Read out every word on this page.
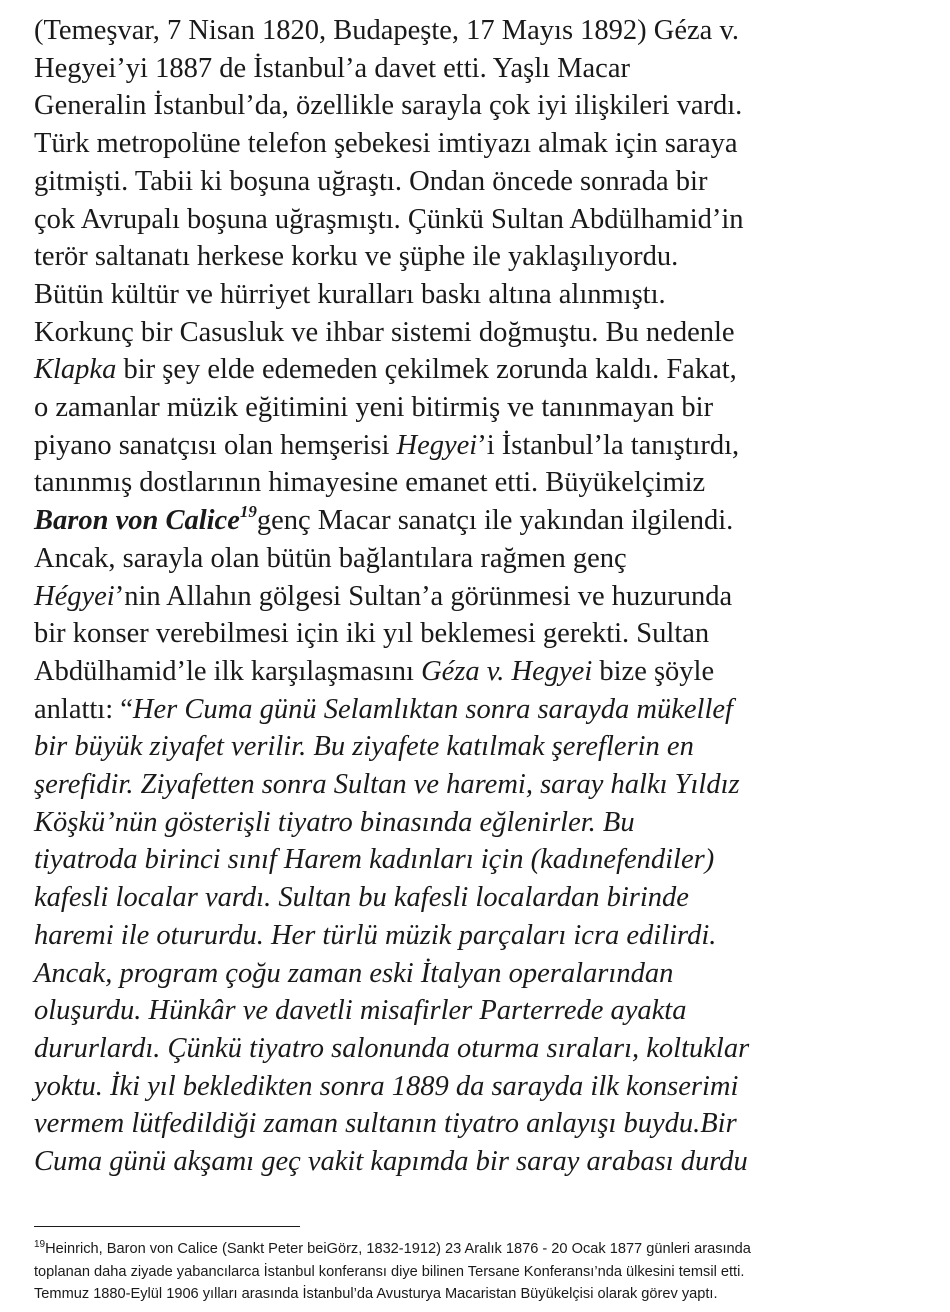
(Temeşvar, 7 Nisan 1820, Budapeşte, 17 Mayıs 1892) Géza v.
Hegyei’yi 1887 de İstanbul’a davet etti. Yaşlı Macar
Generalin İstanbul’da, özellikle sarayla çok iyi ilişkileri vardı.
Türk metropolüne telefon şebekesi imtiyazı almak için saraya
gitmişti. Tabii ki boşuna uğraştı. Ondan öncede sonrada bir
çok Avrupalı boşuna uğraşmıştı. Çünkü Sultan Abdülhamid’in
terör saltanatı herkese korku ve şüphe ile yaklaşılıyordu.
Bütün kültür ve hürriyet kuralları baskı altına alınmıştı.
Korkunç bir Casusluk ve ihbar sistemi doğmuştu. Bu nedenle
Klapka bir şey elde edemeden çekilmek zorunda kaldı. Fakat,
o zamanlar müzik eğitimini yeni bitirmiş ve tanınmayan bir
piyano sanatçısı olan hemşerisi Hegyei’i İstanbul’la tanıştırdı,
tanınmış dostlarının himayesine emanet etti. Büyükelçimiz
Baron von Calice$^{19}$genç Macar sanatçı ile yakından ilgilendi.
Ancak, sarayla olan bütün bağlantılara rağmen genç
Hégyei’nin Allahın gölgesi Sultan’a görünmesi ve huzurunda
bir konser verebilmesi için iki yıl beklemesi gerekti. Sultan
Abdülhamid’le ilk karşılaşmasını Géza v. Hegyei bize şöyle
anlattı: “Her Cuma günü Selamlıktan sonra sarayda mükellef
bir büyük ziyafet verilir. Bu ziyafete katılmak şereflerin en
şerefidir. Ziyafetten sonra Sultan ve haremi, saray halkı Yıldız
Köşkü’nün gösterişli tiyatro binasında eğlenirler. Bu
tiyatroda birinci sınıf Harem kadınları için (kadınefendiler)
kafesli localar vardı. Sultan bu kafesli localardan birinde
haremi ile otururdu. Her türlü müzik parçaları icra edilirdi.
Ancak, program çoğu zaman eski İtalyan operalarından
oluşurdu. Hünkâr ve davetli misafirler Parterrede ayakta
dururlardı. Çünkü tiyatro salonunda oturma sıraları, koltuklar
yoktu. İki yıl bekledikten sonra 1889 da sarayda ilk konserimi
vermem lütfedildiği zaman sultanın tiyatro anlayışı buydu.Bir
Cuma günü akşamı geç vakit kapımda bir saray arabası durdu
$^{19}$Heinrich, Baron von Calice (Sankt Peter beiGörz, 1832-1912) 23 Aralık 1876 - 20 Ocak 1877 günleri arasında
toplanan daha ziyade yabancılarca İstanbul konferansı diye bilinen Tersane Konferansı’nda ülkesini temsil etti.
Temmuz 1880-Eylül 1906 yılları arasında İstanbul’da Avusturya Macaristan Büyükelçisi olarak görev yaptı.
